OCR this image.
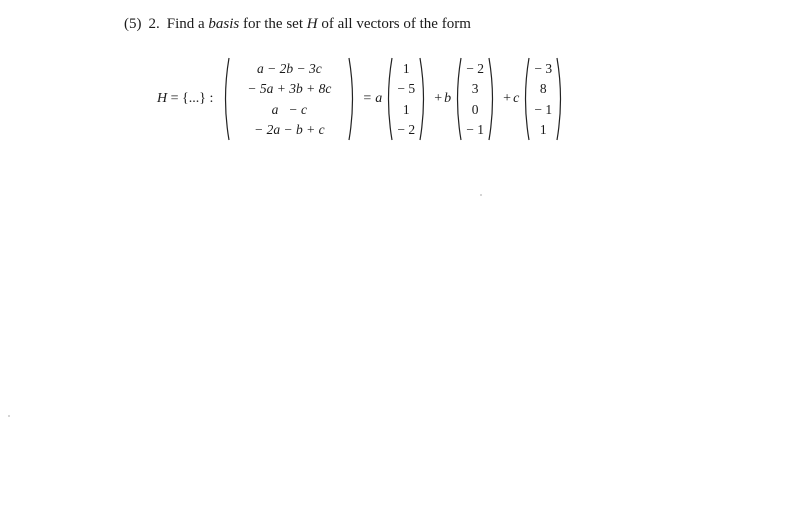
(5) 2. Find a basis for the set H of all vectors of the form
H = {...} :
a − 2b − 3c
− 5a + 3b + 8c
a   − c
− 2a − b + c
= a
1
− 5
1
− 2
+ b
− 2
3
0
− 1
+ c
− 3
8
− 1
1
